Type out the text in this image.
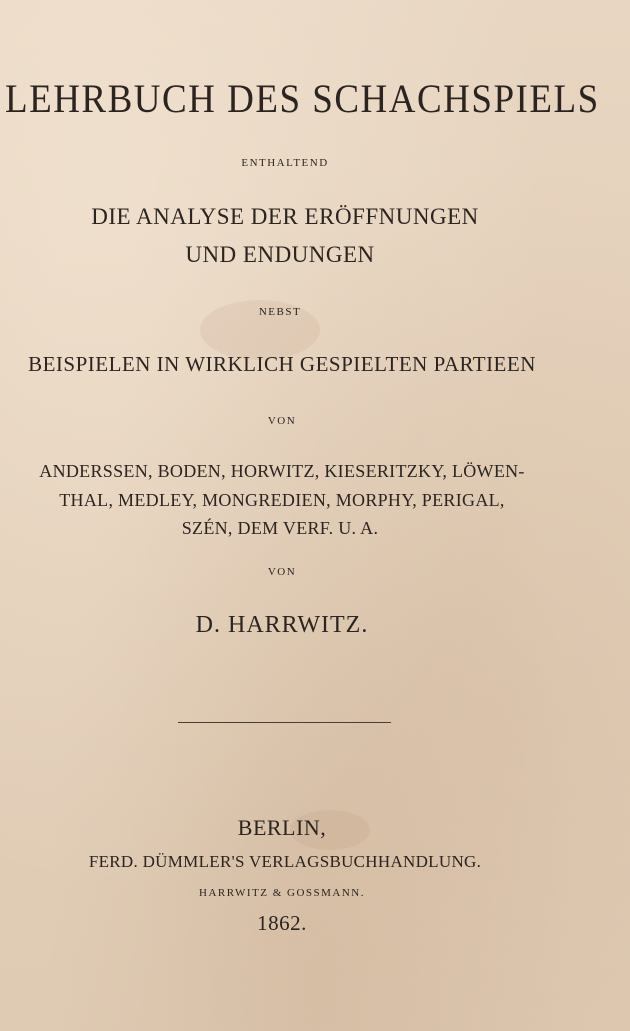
LEHRBUCH DES SCHACHSPIELS
ENTHALTEND
DIE ANALYSE DER ERÖFFNUNGEN
UND ENDUNGEN
NEBST
BEISPIELEN IN WIRKLICH GESPIELTEN PARTIEEN
VON
ANDERSSEN, BODEN, HORWITZ, KIESERITZKY, LÖWEN-
THAL, MEDLEY, MONGREDIEN, MORPHY, PERIGAL,
SZÉN, DEM VERF. U. A.
VON
D. HARRWITZ.
BERLIN,
FERD. DÜMMLER'S VERLAGSBUCHHANDLUNG.
HARRWITZ & GOSSMANN.
1862.
